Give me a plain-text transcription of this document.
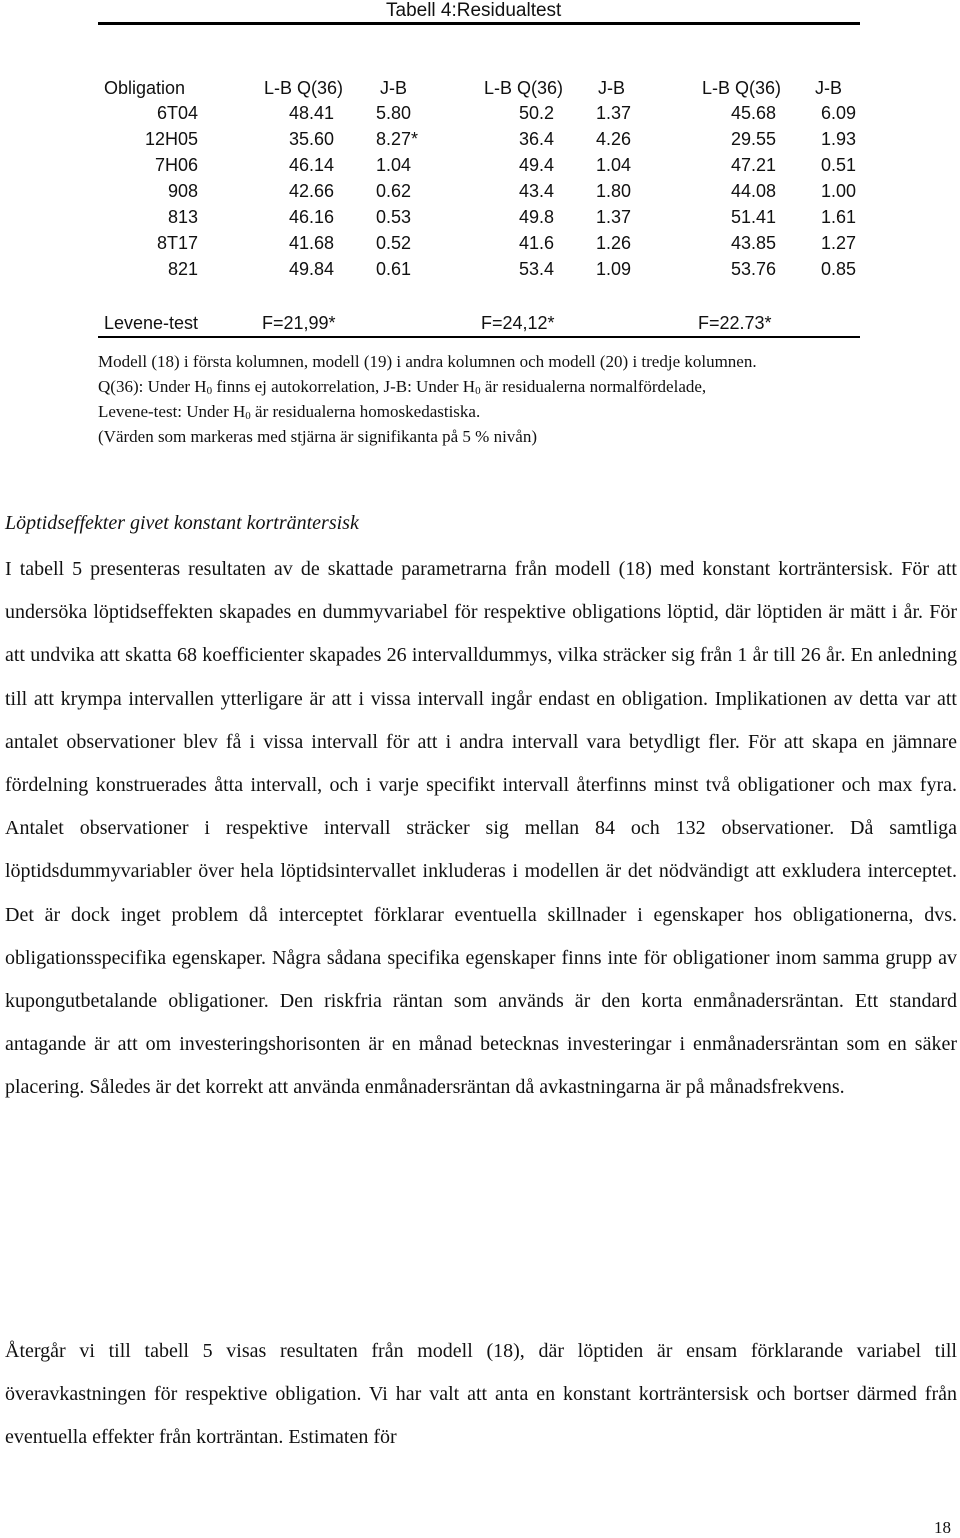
Tabell 4:Residualtest
Obligation	L-B Q(36) J-B	L-B Q(36) J-B	L-B Q(36) J-B
6T04	48.41 5.80	50.2 1.37	45.68	6.09
12H05	35.60 8.27*	36.4 4.26	29.55	1.93
7H06	46.14 1.04	49.4 1.04	47.21	0.51
908	42.66 0.62	43.4 1.80	44.08	1.00
813	46.16 0.53	49.8 1.37	51.41	1.61
8T17	41.68 0.52	41.6 1.26	43.85	1.27
821	49.84 0.61	53.4 1.09	53.76	0.85
Levene-test	F=21,99*	F=24,12*	F=22.73*
Modell (18) i första kolumnen, modell (19) i andra kolumnen och modell (20) i tredje kolumnen.
Q(36): Under $H_0$ finns ej autokorrelation, J-B: Under $H_0$ är residualerna normalfördelade,
Levene-test: Under $H_0$ är residualerna homoskedastiska.
(Värden som markeras med stjärna är signifikanta på 5 % nivån)
Löptidseffekter givet konstant korträntersisk

I tabell 5 presenteras resultaten av de skattade parametrarna från modell (18) med konstant korträntersisk. För att undersöka löptidseffekten skapades en dummyvariabel för respektive obligations löptid, där löptiden är mätt i år. För att undvika att skatta 68 koefficienter skapades 26 intervalldummys, vilka sträcker sig från 1 år till 26 år. En anledning till att krympa intervallen ytterligare är att i vissa intervall ingår endast en obligation. Implikationen av detta var att antalet observationer blev få i vissa intervall för att i andra intervall vara betydligt fler. För att skapa en jämnare fördelning konstruerades åtta intervall, och i varje specifikt intervall återfinns minst två obligationer och max fyra. Antalet observationer i respektive intervall sträcker sig mellan 84 och 132 observationer. Då samtliga löptidsdummyvariabler över hela löptidsintervallet inkluderas i modellen är det nödvändigt att exkludera interceptet. Det är dock inget problem då interceptet förklarar eventuella skillnader i egenskaper hos obligationerna, dvs. obligationsspecifika egenskaper. Några sådana specifika egenskaper finns inte för obligationer inom samma grupp av kupongutbetalande obligationer. Den riskfria räntan som används är den korta enmånadersräntan. Ett standard antagande är att om investeringshorisonten är en månad betecknas investeringar i enmånadersräntan som en säker placering. Således är det korrekt att använda enmånadersräntan då avkastningarna är på månadsfrekvens.

Återgår vi till tabell 5 visas resultaten från modell (18), där löptiden är ensam förklarande variabel till överavkastningen för respektive obligation. Vi har valt att anta en konstant korträntersisk och bortser därmed från eventuella effekter från korträntan. Estimaten för

18
